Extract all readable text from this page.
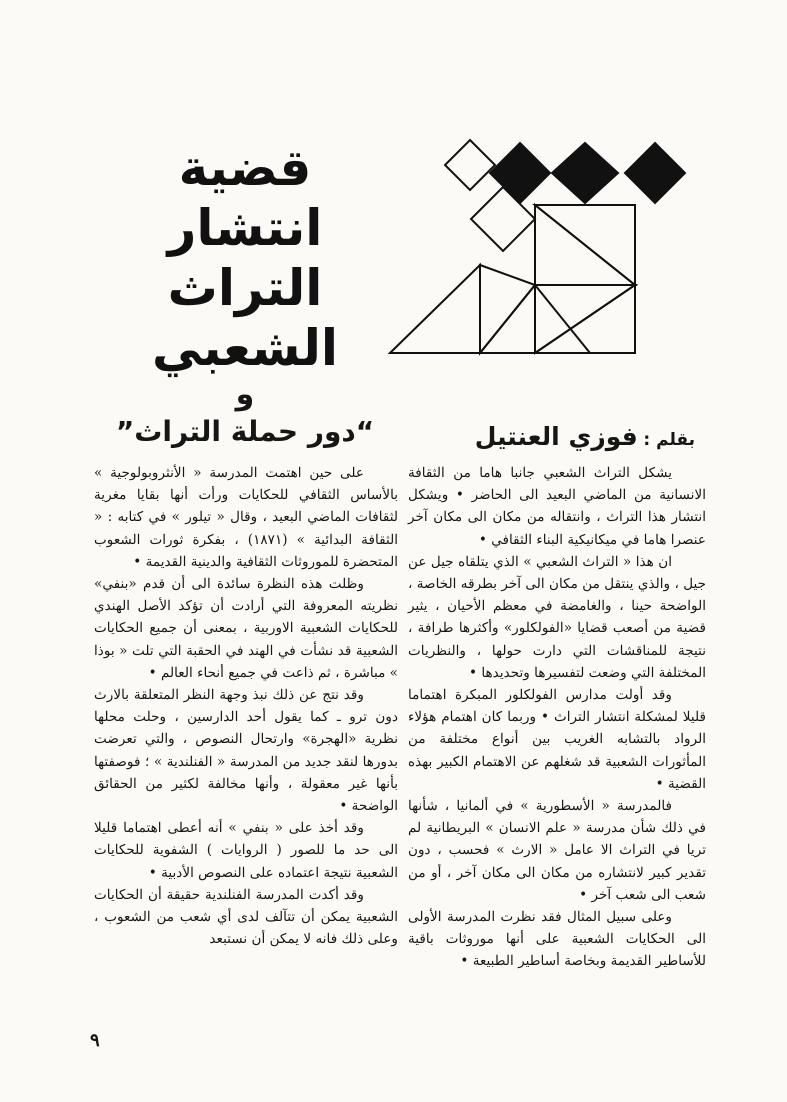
قضية
انتشار
التراث
الشعبي
و
“دور حملة التراث”	بقلم : فوزي العنتيل

يشكل التراث الشعبي جانبا هاما من الثقافة الانسانية من الماضي البعيد الى الحاضر • ويشكل انتشار هذا التراث ، وانتقاله من مكان الى مكان آخر عنصرا هاما في ميكانيكية البناء الثقافي •

ان هذا « التراث الشعبي » الذي يتلقاه جيل عن جيل ، والذي ينتقل من مكان الى آخر بطرقه الخاصة ، الواضحة حينا ، والغامضة في معظم الأحيان ، يثير قضية من أصعب قضايا «الفولكلور» وأكثرها طرافة ، نتيجة للمناقشات التي دارت حولها ، والنظريات المختلفة التي وضعت لتفسيرها وتحديدها •

وقد أولت مدارس الفولكلور المبكرة اهتماما قليلا لمشكلة انتشار التراث • وربما كان اهتمام هؤلاء الرواد بالتشابه الغريب بين أنواع مختلفة من المأثورات الشعبية قد شغلهم عن الاهتمام الكبير بهذه القضية •

فالمدرسة « الأسطورية » في ألمانيا ، شأنها في ذلك شأن مدرسة « علم الانسان » البريطانية لم تريا في التراث الا عامل « الارث » فحسب ، دون تقدير كبير لانتشاره من مكان الى مكان آخر ، أو من شعب الى شعب آخر •

وعلى سبيل المثال فقد نظرت المدرسة الأولى الى الحكايات الشعبية على أنها موروثات باقية للأساطير القديمة وبخاصة أساطير الطبيعة •

على حين اهتمت المدرسة « الأنثروبولوجية » بالأساس الثقافي للحكايات ورأت أنها بقايا مغرية لثقافات الماضي البعيد ، وقال « تيلور » في كتابه : « الثقافة البدائية » (١٨٧١) ، بفكرة ثورات الشعوب المتحضرة للموروثات الثقافية والدينية القديمة •

وظلت هذه النظرة سائدة الى أن قدم «بنفي» نظريته المعروفة التي أرادت أن تؤكد الأصل الهندي للحكايات الشعبية الاوربية ، بمعنى أن جميع الحكايات الشعبية قد نشأت في الهند في الحقبة التي تلت « بوذا » مباشرة ، ثم ذاعت في جميع أنحاء العالم •

وقد نتج عن ذلك نبذ وجهة النظر المتعلقة بالارث دون ترو ـ كما يقول أحد الدارسين ، وحلت محلها نظرية «الهجرة» وارتحال النصوص ، والتي تعرضت بدورها لنقد جديد من المدرسة « الفنلندية » ؛ فوصفتها بأنها غير معقولة ، وأنها مخالفة لكثير من الحقائق الواضحة •

وقد أخذ على « بنفي » أنه أعطى اهتماما قليلا الى حد ما للصور ( الروايات ) الشفوية للحكايات الشعبية نتيجة اعتماده على النصوص الأدبية •

وقد أكدت المدرسة الفنلندية حقيقة أن الحكايات الشعبية يمكن أن تتآلف لدى أي شعب من الشعوب ، وعلى ذلك فانه لا يمكن أن نستبعد

٩
